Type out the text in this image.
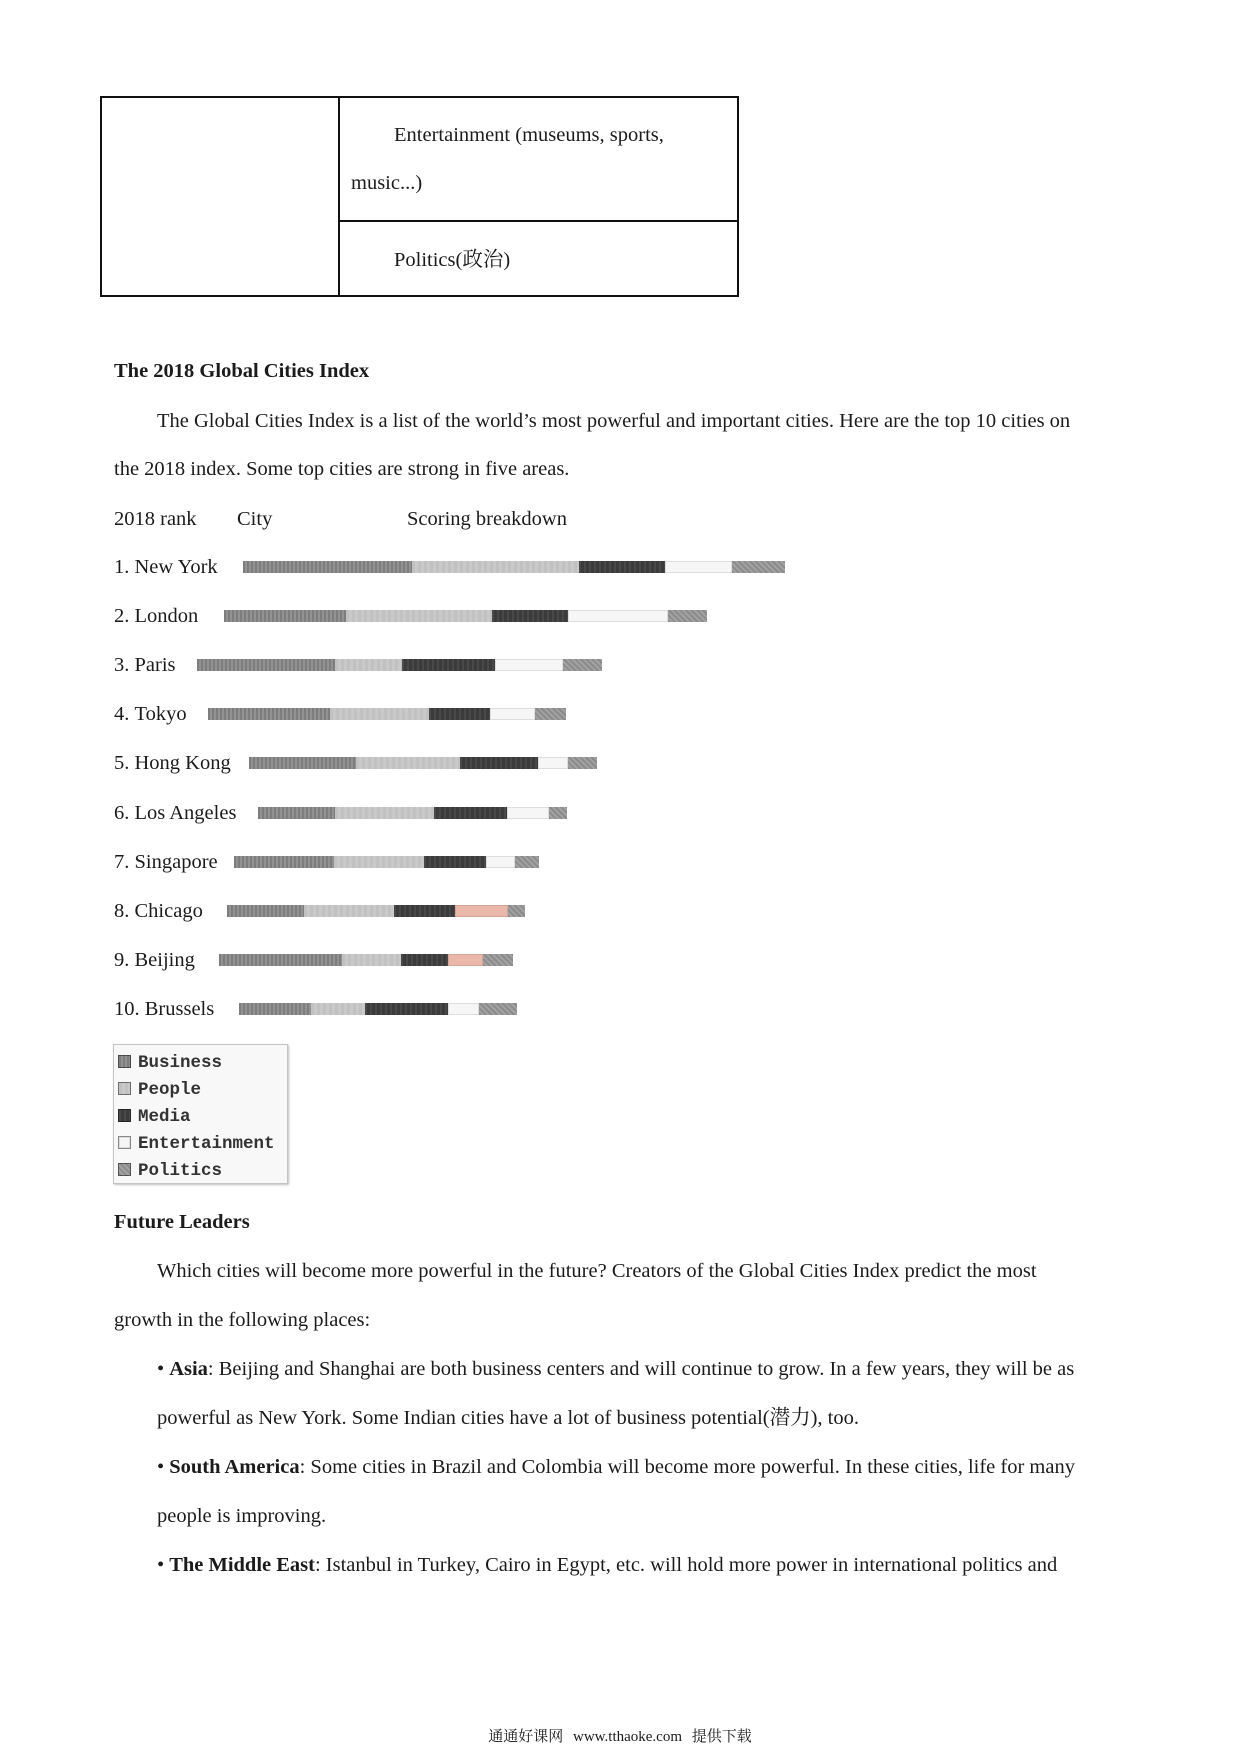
Entertainment (museums, sports,
music...)
Politics(政治)
The 2018 Global Cities Index
The Global Cities Index is a list of the world’s most powerful and important cities. Here are the top 10 cities on
the 2018 index. Some top cities are strong in five areas.
2018 rank City	Scoring breakdown
1. New York
2. London
3. Paris
4. Tokyo
5. Hong Kong
6. Los Angeles
7. Singapore
8. Chicago
9. Beijing
10. Brussels
Business
People
Media
Entertainment
Politics
Future Leaders
Which cities will become more powerful in the future? Creators of the Global Cities Index predict the most
growth in the following places:
• Asia: Beijing and Shanghai are both business centers and will continue to grow. In a few years, they will be as
powerful as New York. Some Indian cities have a lot of business potential(潜力), too.
• South America: Some cities in Brazil and Colombia will become more powerful. In these cities, life for many
people is improving.
• The Middle East: Istanbul in Turkey, Cairo in Egypt, etc. will hold more power in international politics and
通通好课网 www.tthaoke.com 提供下载
